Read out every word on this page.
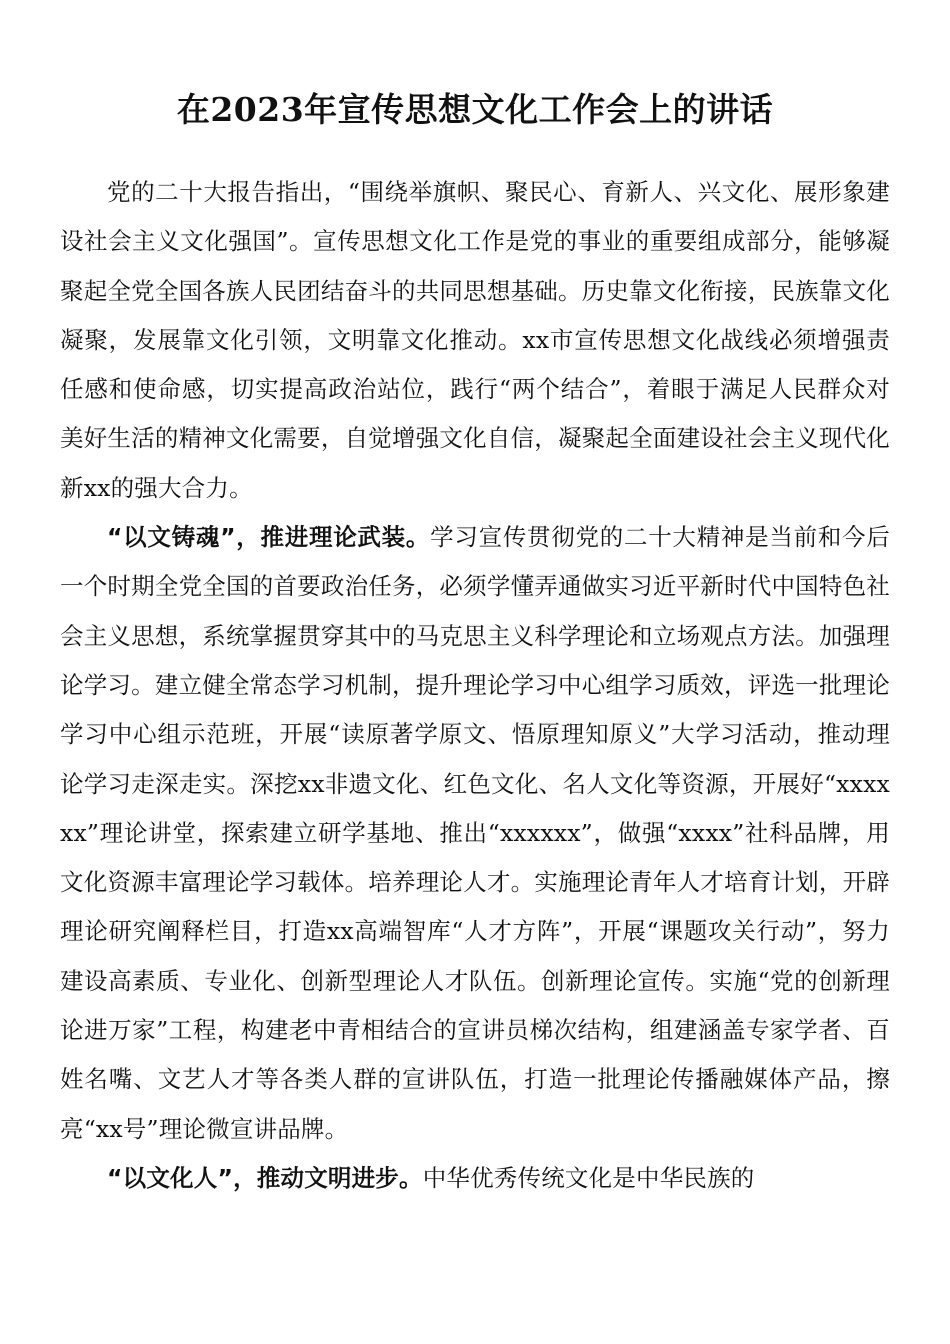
在2023年宣传思想文化工作会上的讲话

党的二十大报告指出，“围绕举旗帜、聚民心、育新人、兴文化、展形象建设社会主义文化强国”。宣传思想文化工作是党的事业的重要组成部分，能够凝聚起全党全国各族人民团结奋斗的共同思想基础。历史靠文化衔接，民族靠文化凝聚，发展靠文化引领，文明靠文化推动。xx市宣传思想文化战线必须增强责任感和使命感，切实提高政治站位，践行“两个结合”，着眼于满足人民群众对美好生活的精神文化需要，自觉增强文化自信，凝聚起全面建设社会主义现代化新xx的强大合力。

“以文铸魂”，推进理论武装。学习宣传贯彻党的二十大精神是当前和今后一个时期全党全国的首要政治任务，必须学懂弄通做实习近平新时代中国特色社会主义思想，系统掌握贯穿其中的马克思主义科学理论和立场观点方法。加强理论学习。建立健全常态学习机制，提升理论学习中心组学习质效，评选一批理论学习中心组示范班，开展“读原著学原文、悟原理知原义”大学习活动，推动理论学习走深走实。深挖xx非遗文化、红色文化、名人文化等资源，开展好“xxxxxx”理论讲堂，探索建立研学基地、推出“xxxxxx”，做强“xxxx”社科品牌，用文化资源丰富理论学习载体。培养理论人才。实施理论青年人才培育计划，开辟理论研究阐释栏目，打造xx高端智库“人才方阵”，开展“课题攻关行动”，努力建设高素质、专业化、创新型理论人才队伍。创新理论宣传。实施“党的创新理论进万家”工程，构建老中青相结合的宣讲员梯次结构，组建涵盖专家学者、百姓名嘴、文艺人才等各类人群的宣讲队伍，打造一批理论传播融媒体产品，擦亮“xx号”理论微宣讲品牌。

“以文化人”，推动文明进步。中华优秀传统文化是中华民族的
